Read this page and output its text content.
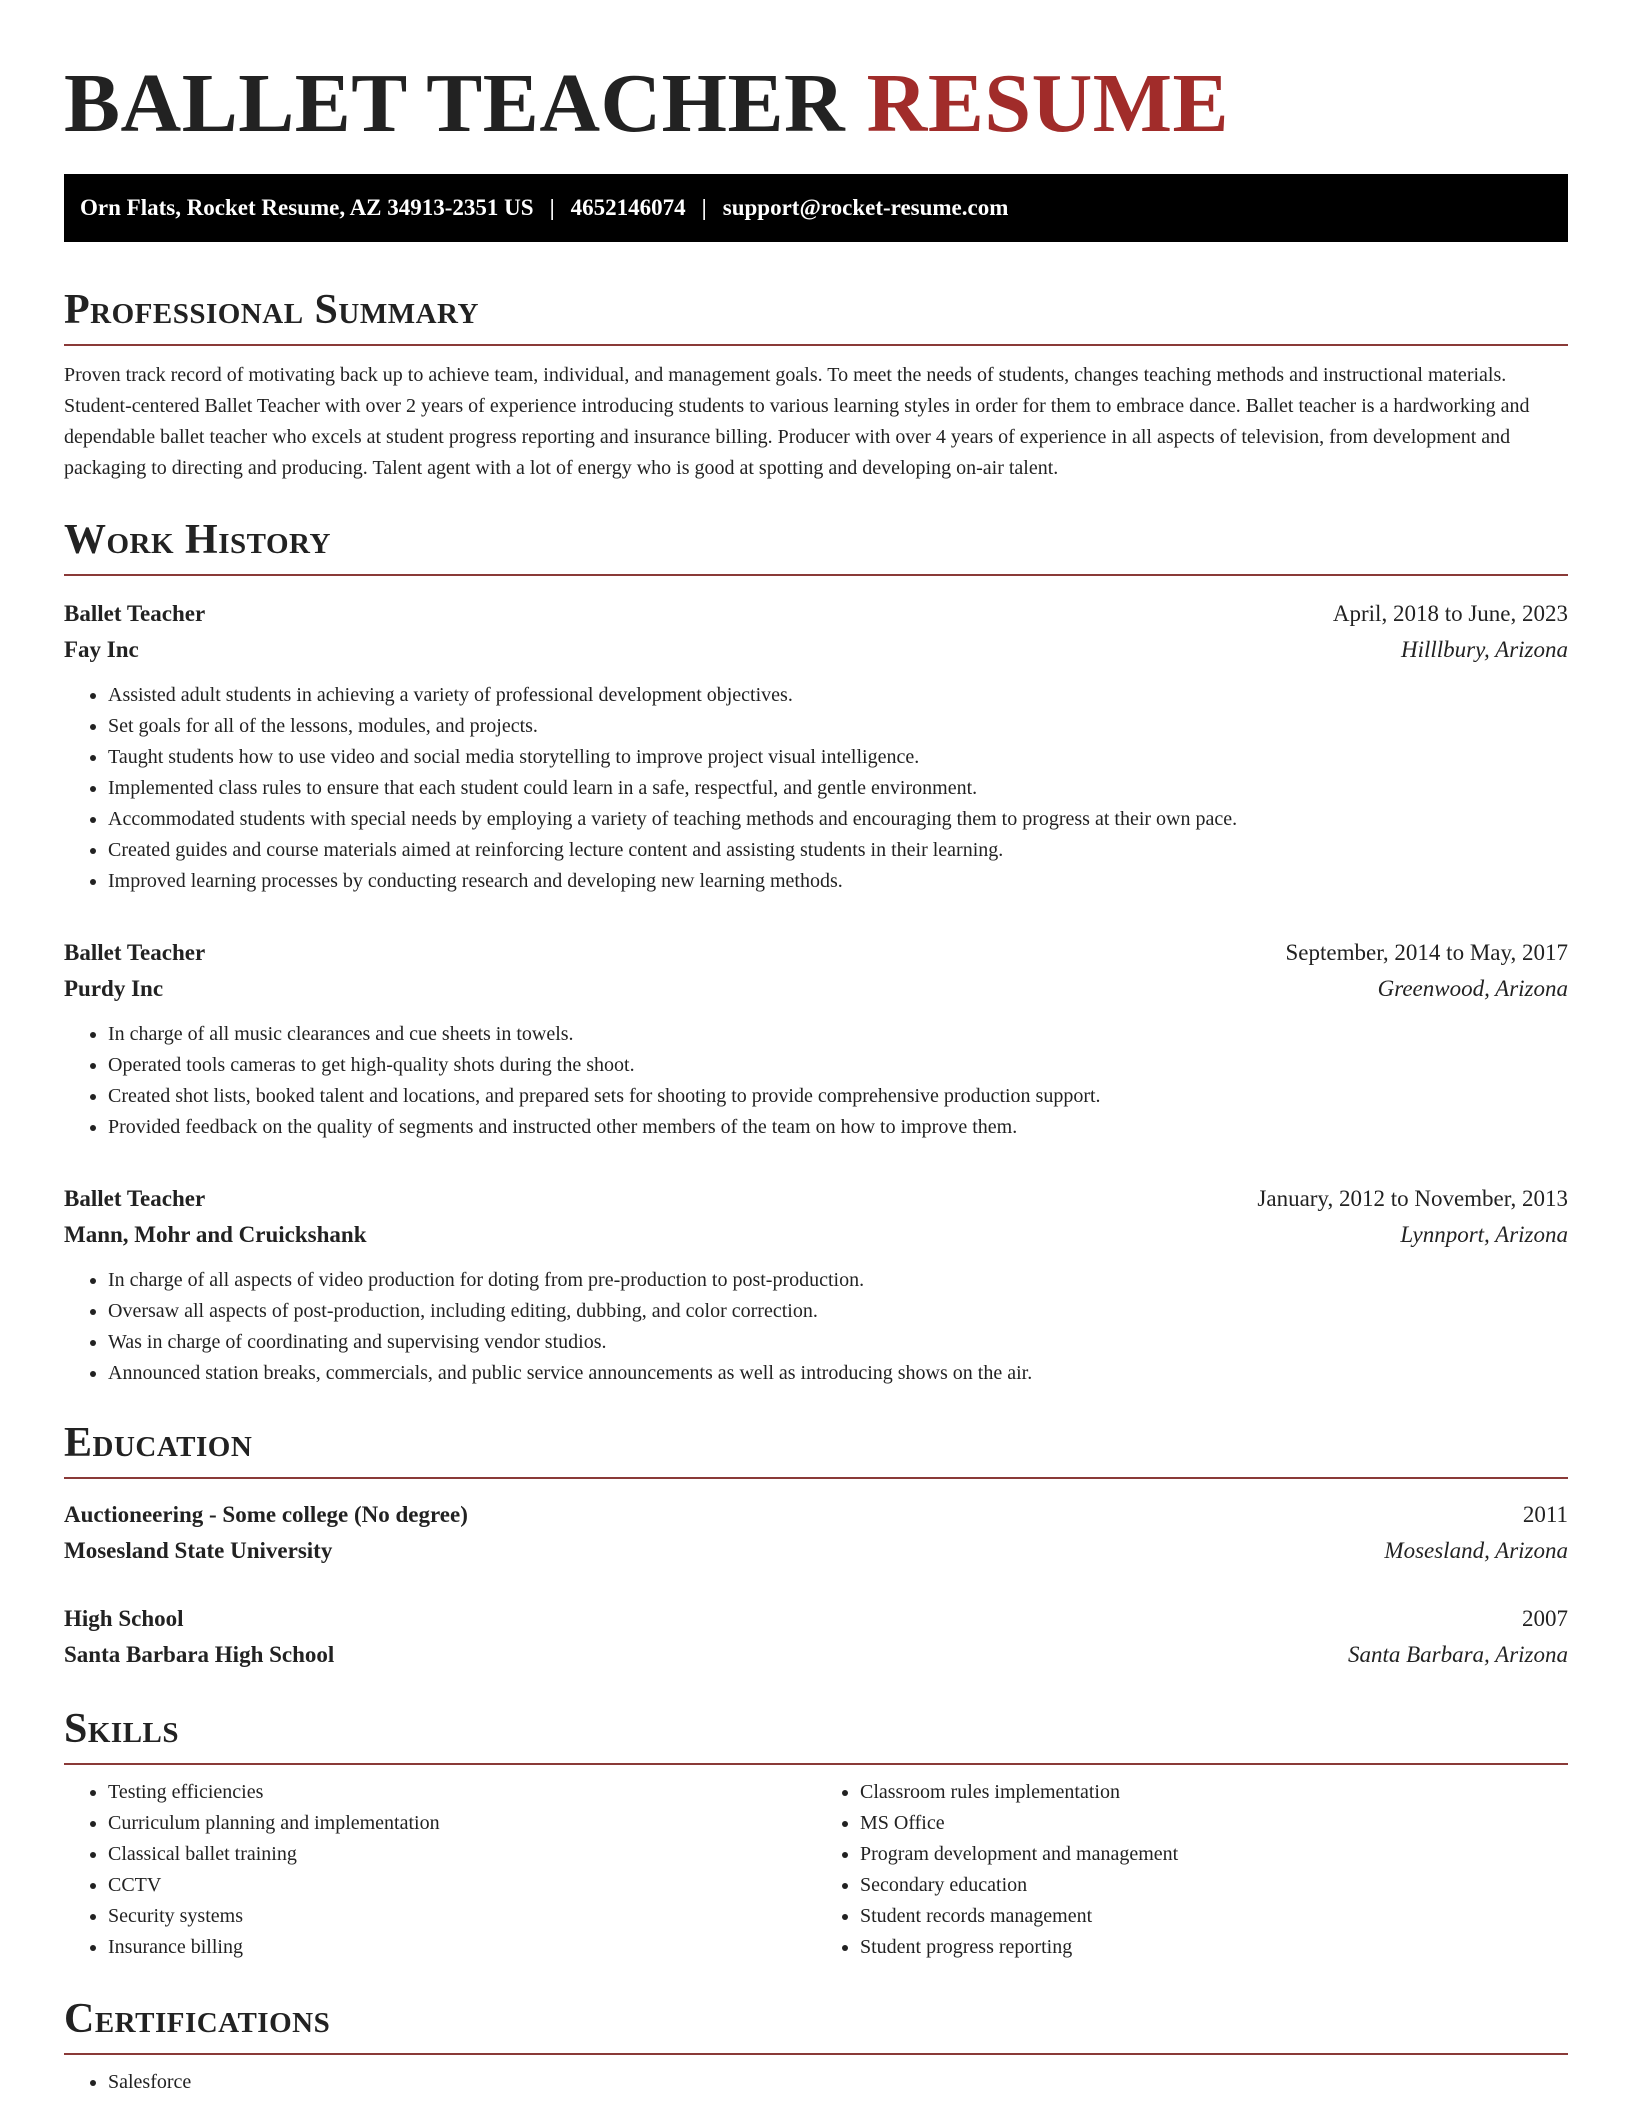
BALLET TEACHER RESUME
Orn Flats, Rocket Resume, AZ 34913-2351 US | 4652146074 | support@rocket-resume.com
Professional Summary

Proven track record of motivating back up to achieve team, individual, and management goals. To meet the needs of students, changes teaching methods and instructional materials. Student-centered Ballet Teacher with over 2 years of experience introducing students to various learning styles in order for them to embrace dance. Ballet teacher is a hardworking and dependable ballet teacher who excels at student progress reporting and insurance billing. Producer with over 4 years of experience in all aspects of television, from development and packaging to directing and producing. Talent agent with a lot of energy who is good at spotting and developing on-air talent.

Work History
Ballet Teacher	April, 2018 to June, 2023
Fay Inc	Hilllbury, Arizona
• Assisted adult students in achieving a variety of professional development objectives.
• Set goals for all of the lessons, modules, and projects.
• Taught students how to use video and social media storytelling to improve project visual intelligence.
• Implemented class rules to ensure that each student could learn in a safe, respectful, and gentle environment.
• Accommodated students with special needs by employing a variety of teaching methods and encouraging them to progress at their own pace.
• Created guides and course materials aimed at reinforcing lecture content and assisting students in their learning.
• Improved learning processes by conducting research and developing new learning methods.
Ballet Teacher	September, 2014 to May, 2017
Purdy Inc	Greenwood, Arizona
• In charge of all music clearances and cue sheets in towels.
• Operated tools cameras to get high-quality shots during the shoot.
• Created shot lists, booked talent and locations, and prepared sets for shooting to provide comprehensive production support.
• Provided feedback on the quality of segments and instructed other members of the team on how to improve them.
Ballet Teacher	January, 2012 to November, 2013
Mann, Mohr and Cruickshank	Lynnport, Arizona
• In charge of all aspects of video production for doting from pre-production to post-production.
• Oversaw all aspects of post-production, including editing, dubbing, and color correction.
• Was in charge of coordinating and supervising vendor studios.
• Announced station breaks, commercials, and public service announcements as well as introducing shows on the air.
Education
Auctioneering - Some college (No degree)	2011
Mosesland State University	Mosesland, Arizona
High School	2007
Santa Barbara High School	Santa Barbara, Arizona
Skills
• Testing efficiencies
• Curriculum planning and implementation
• Classical ballet training
• CCTV
• Security systems
• Insurance billing
• Classroom rules implementation
• MS Office
• Program development and management
• Secondary education
• Student records management
• Student progress reporting
Certifications
• Salesforce
